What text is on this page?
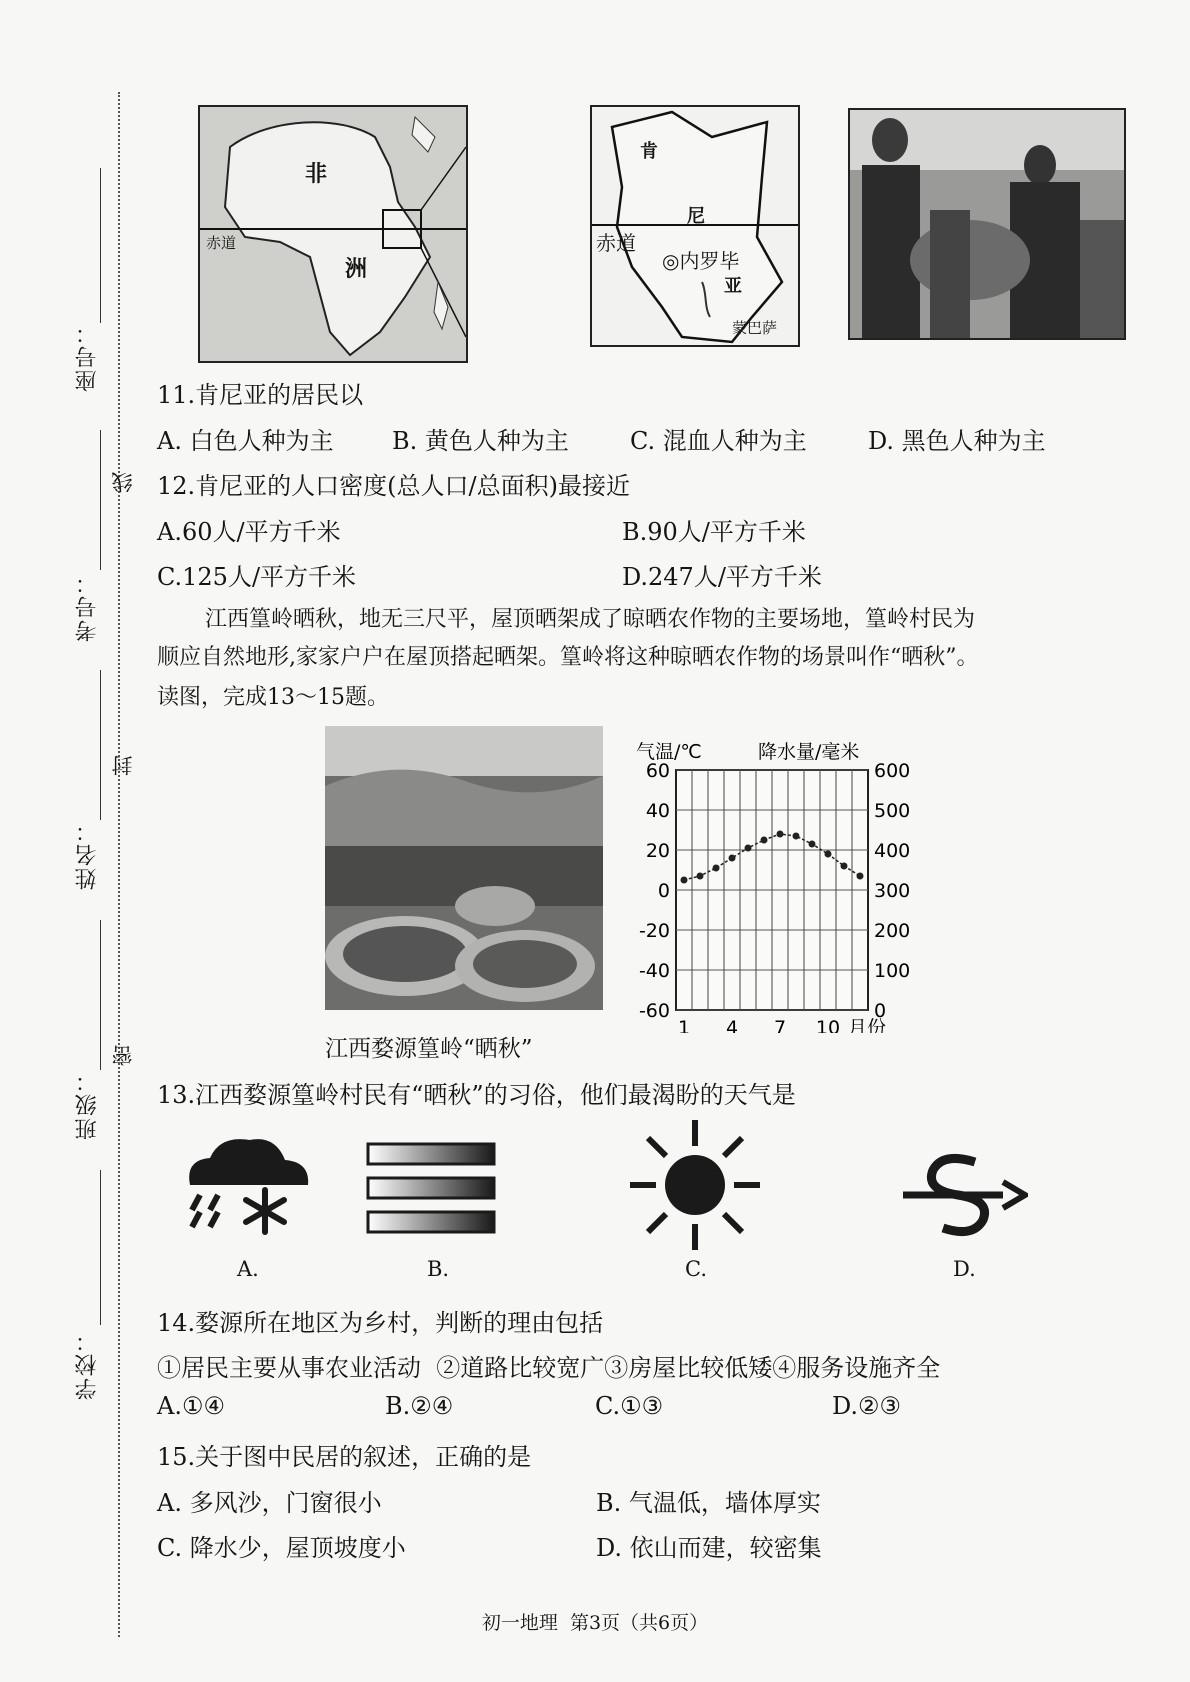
座号：
考号：
线
姓名：
封
班级：
密
学校：
非
洲
赤道
肯
尼
亚
赤道
◎内罗毕
蒙巴萨
11.肯尼亚的居民以
A. 白色人种为主 B. 黄色人种为主	C. 混血人种为主	D. 黑色人种为主
12.肯尼亚的人口密度(总人口/总面积)最接近
A.60人/平方千米	B.90人/平方千米
C.125人/平方千米	D.247人/平方千米
江西篁岭晒秋，地无三尺平，屋顶晒架成了晾晒农作物的主要场地，篁岭村民为
顺应自然地形,家家户户在屋顶搭起晒架。篁岭将这种晾晒农作物的场景叫作“晒秋”。
读图，完成13～15题。
江西婺源篁岭“晒秋”
气温/℃	降水量/毫米
60
40
20
0
-20
-40
-60
600
500
400
300
200
100
0
1 4 7 10 月份
13.江西婺源篁岭村民有“晒秋”的习俗，他们最渴盼的天气是
A.	B.	C.	D.
14.婺源所在地区为乡村，判断的理由包括
①居民主要从事农业活动  ②道路比较宽广③房屋比较低矮④服务设施齐全
A.①④	B.②④	C.①③	D.②③
15.关于图中民居的叙述，正确的是
A. 多风沙，门窗很小	B. 气温低，墙体厚实
C. 降水少，屋顶坡度小	D. 依山而建，较密集
初一地理  第3页（共6页）
